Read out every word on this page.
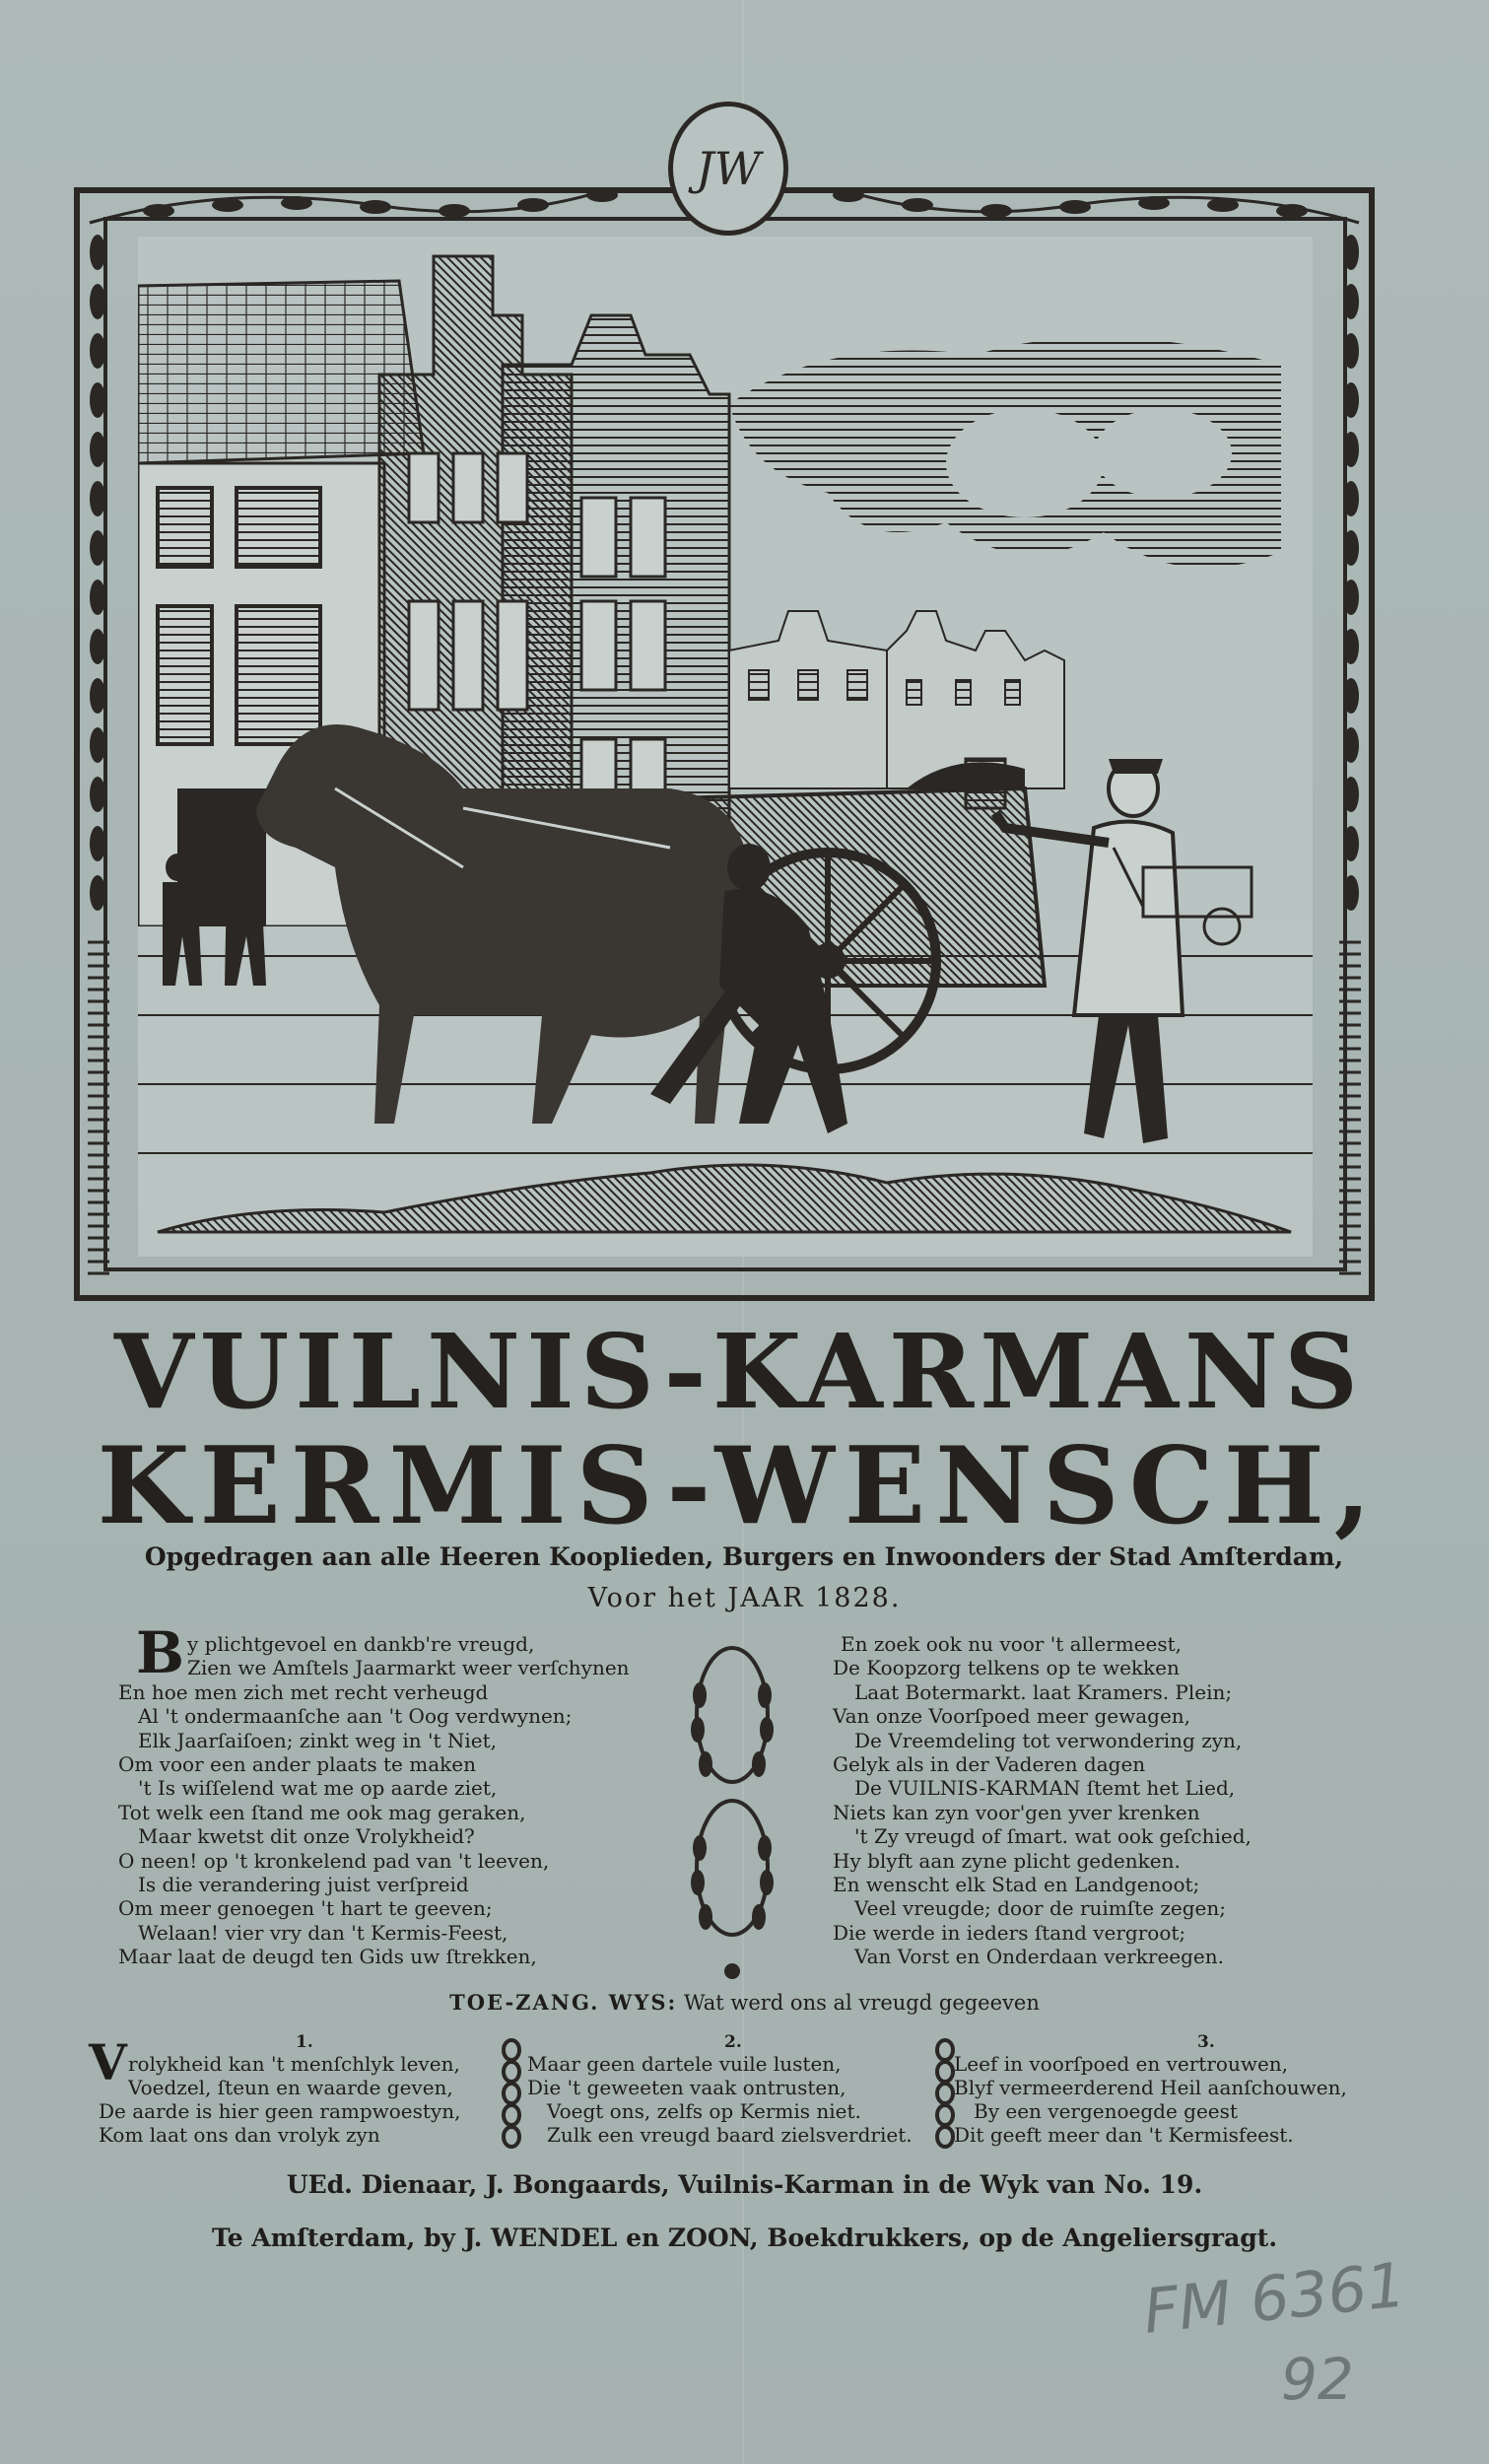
JW
VUILNIS-KARMANS
KERMIS-WENSCH,
Opgedragen aan alle Heeren Kooplieden, Burgers en Inwoonders der Stad Amſterdam,
Voor het JAAR 1828.
B y plichtgevoel en dankb're vreugd,
Zien we Amſtels Jaarmarkt weer verſchynen
En hoe men zich met recht verheugd
Al 't ondermaanſche aan 't Oog verdwynen;
Elk Jaarſaiſoen; zinkt weg in 't Niet,
Om voor een ander plaats te maken
't Is wiſſelend wat me op aarde ziet,
Tot welk een ſtand me ook mag geraken,
Maar kwetst dit onze Vrolykheid?
O neen! op 't kronkelend pad van 't leeven,
Is die verandering juist verſpreid
Om meer genoegen 't hart te geeven;
Welaan! vier vry dan 't Kermis-Feest,
Maar laat de deugd ten Gids uw ſtrekken,
En zoek ook nu voor 't allermeest,
De Koopzorg telkens op te wekken
Laat Botermarkt. laat Kramers. Plein;
Van onze Voorſpoed meer gewagen,
De Vreemdeling tot verwondering zyn,
Gelyk als in der Vaderen dagen
De VUILNIS-KARMAN ſtemt het Lied,
Niets kan zyn voor'gen yver krenken
't Zy vreugd of ſmart. wat ook geſchied,
Hy blyft aan zyne plicht gedenken.
En wenscht elk Stad en Landgenoot;
Veel vreugde; door de ruimſte zegen;
Die werde in ieders ſtand vergroot;
Van Vorst en Onderdaan verkreegen.
TOE-ZANG. WYS: Wat werd ons al vreugd gegeeven
1.	2.	3.
V rolykheid kan 't menſchlyk leven,
Voedzel, ſteun en waarde geven,
De aarde is hier geen rampwoestyn,
Kom laat ons dan vrolyk zyn
Maar geen dartele vuile lusten,
Die 't geweeten vaak ontrusten,
Voegt ons, zelfs op Kermis niet.
Zulk een vreugd baard zielsverdriet.
Leef in voorſpoed en vertrouwen,
Blyf vermeerderend Heil aanſchouwen,
By een vergenoegde geest
Dit geeft meer dan 't Kermisfeest.
UEd. Dienaar, J. Bongaards, Vuilnis-Karman in de Wyk van No. 19.
Te Amſterdam, by J. WENDEL en ZOON, Boekdrukkers, op de Angeliersgragt.
FM 6361
92
